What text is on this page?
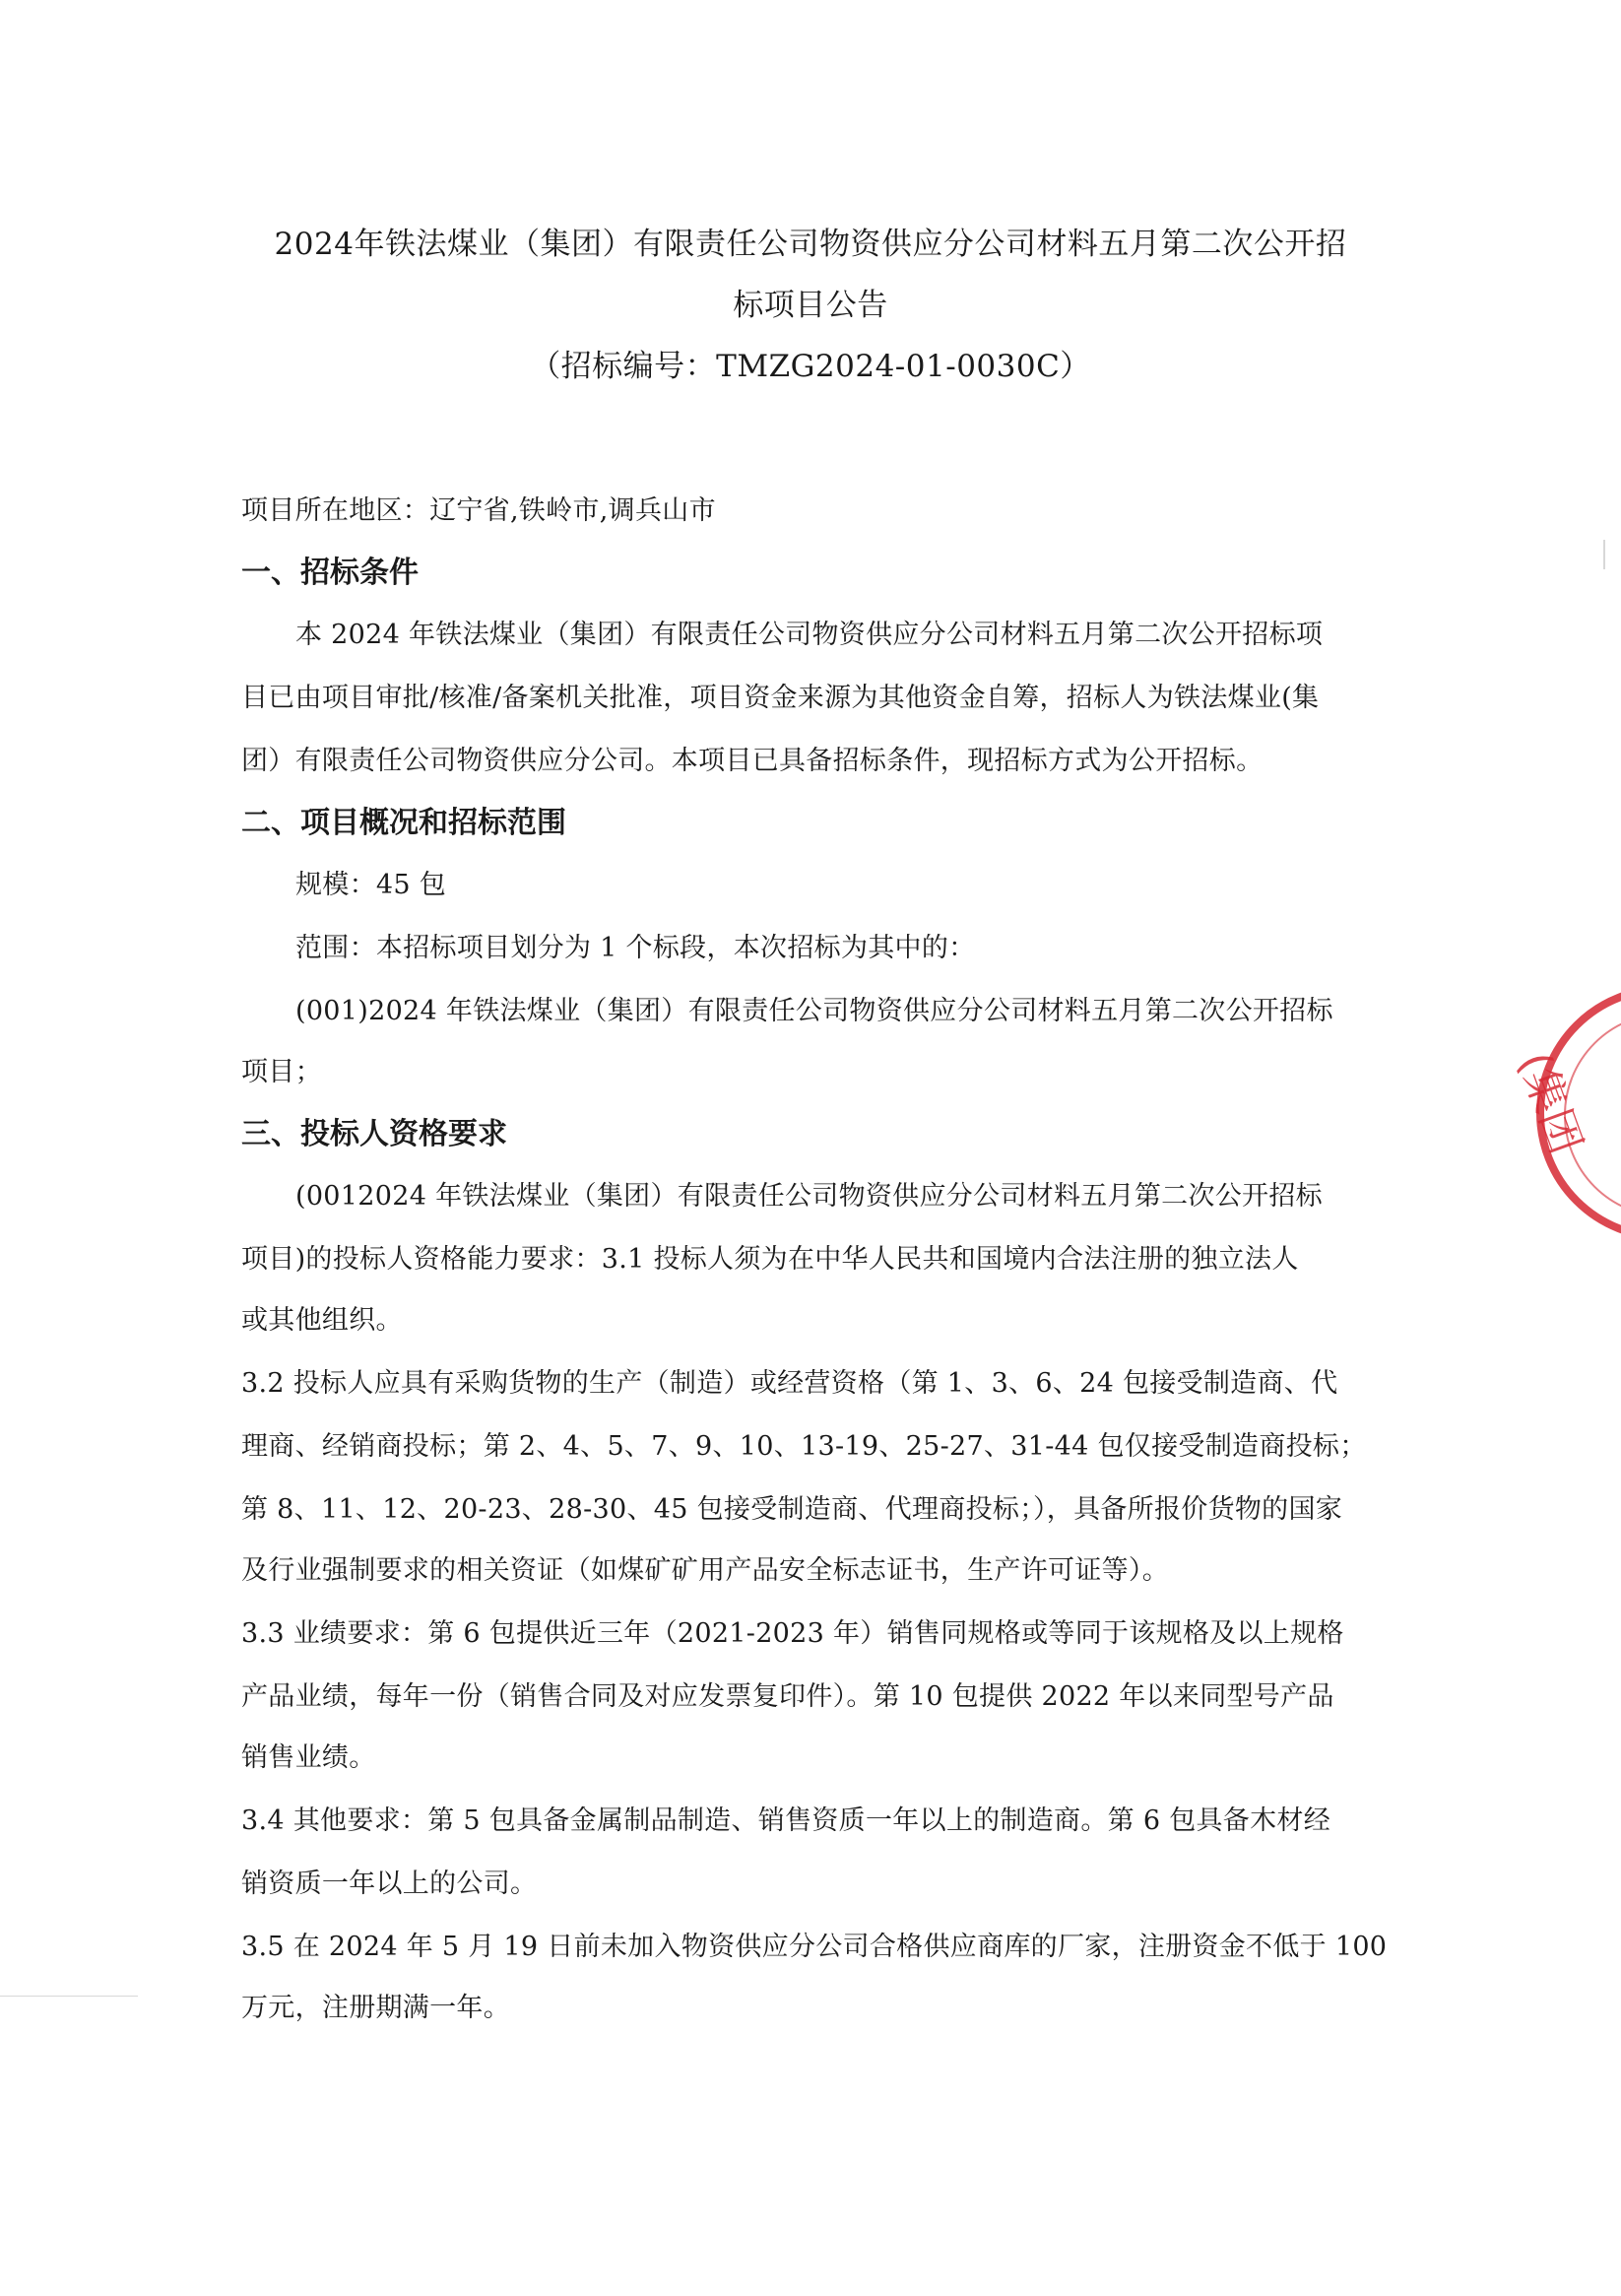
2024年铁法煤业（集团）有限责任公司物资供应分公司材料五月第二次公开招
标项目公告
（招标编号：TMZG2024-01-0030C）
项目所在地区：辽宁省,铁岭市,调兵山市
一、招标条件
本 2024 年铁法煤业（集团）有限责任公司物资供应分公司材料五月第二次公开招标项
目已由项目审批/核准/备案机关批准，项目资金来源为其他资金自筹，招标人为铁法煤业(集
团）有限责任公司物资供应分公司。本项目已具备招标条件，现招标方式为公开招标。
二、项目概况和招标范围
规模：45 包
范围：本招标项目划分为 1 个标段，本次招标为其中的：
(001)2024 年铁法煤业（集团）有限责任公司物资供应分公司材料五月第二次公开招标
项目；
三、投标人资格要求
(0012024 年铁法煤业（集团）有限责任公司物资供应分公司材料五月第二次公开招标
项目)的投标人资格能力要求：3.1 投标人须为在中华人民共和国境内合法注册的独立法人
或其他组织。
3.2 投标人应具有采购货物的生产（制造）或经营资格（第 1、3、6、24 包接受制造商、代
理商、经销商投标；第 2、4、5、7、9、10、13-19、25-27、31-44 包仅接受制造商投标；
第 8、11、12、20-23、28-30、45 包接受制造商、代理商投标；），具备所报价货物的国家
及行业强制要求的相关资证（如煤矿矿用产品安全标志证书，生产许可证等）。
3.3 业绩要求：第 6 包提供近三年（2021-2023 年）销售同规格或等同于该规格及以上规格
产品业绩，每年一份（销售合同及对应发票复印件）。第 10 包提供 2022 年以来同型号产品
销售业绩。
3.4 其他要求：第 5 包具备金属制品制造、销售资质一年以上的制造商。第 6 包具备木材经
销资质一年以上的公司。
3.5 在 2024 年 5 月 19 日前未加入物资供应分公司合格供应商库的厂家，注册资金不低于 100
万元，注册期满一年。
(集团
